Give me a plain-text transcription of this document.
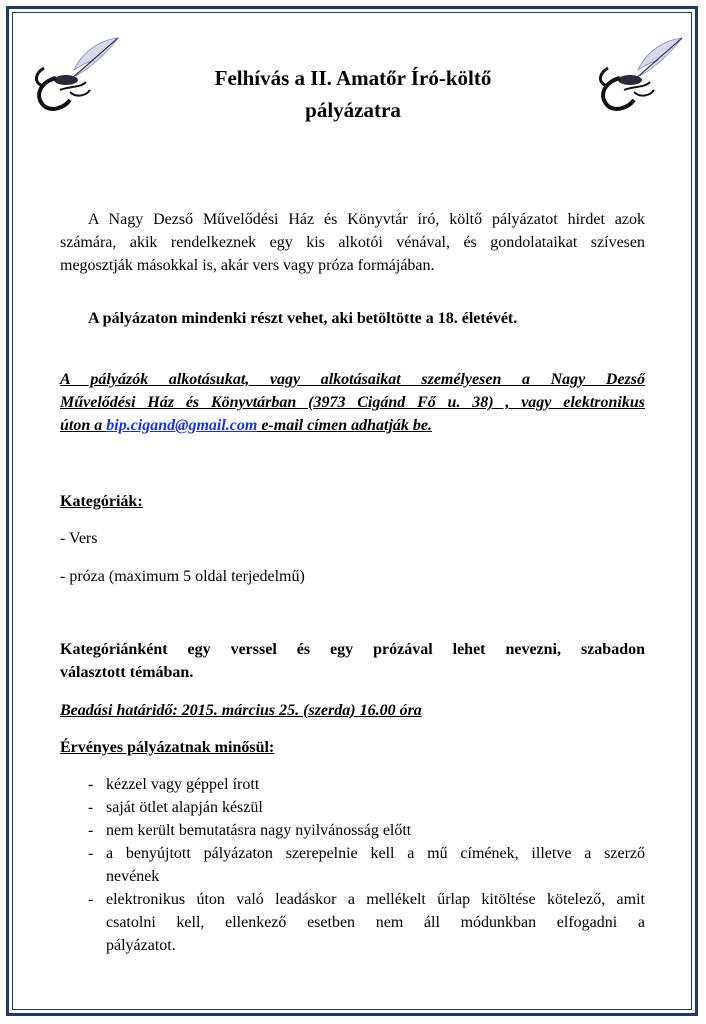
Felhívás a II. Amatőr Író-költő
pályázatra
A Nagy Dezső Művelődési Ház és Könyvtár író, költő pályázatot hirdet azok
számára, akik rendelkeznek egy kis alkotói vénával, és gondolataikat szívesen
megosztják másokkal is, akár vers vagy próza formájában.
A pályázaton mindenki részt vehet, aki betöltötte a 18. életévét.
A pályázók alkotásukat, vagy alkotásaikat személyesen a Nagy Dezső
Művelődési Ház és Könyvtárban (3973 Cigánd Fő u. 38) , vagy elektronikus
úton a bip.cigand@gmail.com e-mail címen adhatják be.
Kategóriák:
- Vers
- próza (maximum 5 oldal terjedelmű)
Kategóriánként egy verssel és egy prózával lehet nevezni, szabadon
választott témában.
Beadási határidő: 2015. március 25. (szerda) 16.00 óra
Érvényes pályázatnak minősül:
- kézzel vagy géppel írott
- saját ötlet alapján készül
- nem került bemutatásra nagy nyilvánosság előtt
- a benyújtott pályázaton szerepelnie kell a mű címének, illetve a szerző
nevének
- elektronikus úton való leadáskor a mellékelt űrlap kitöltése kötelező, amit
csatolni kell, ellenkező esetben nem áll módunkban elfogadni a
pályázatot.
